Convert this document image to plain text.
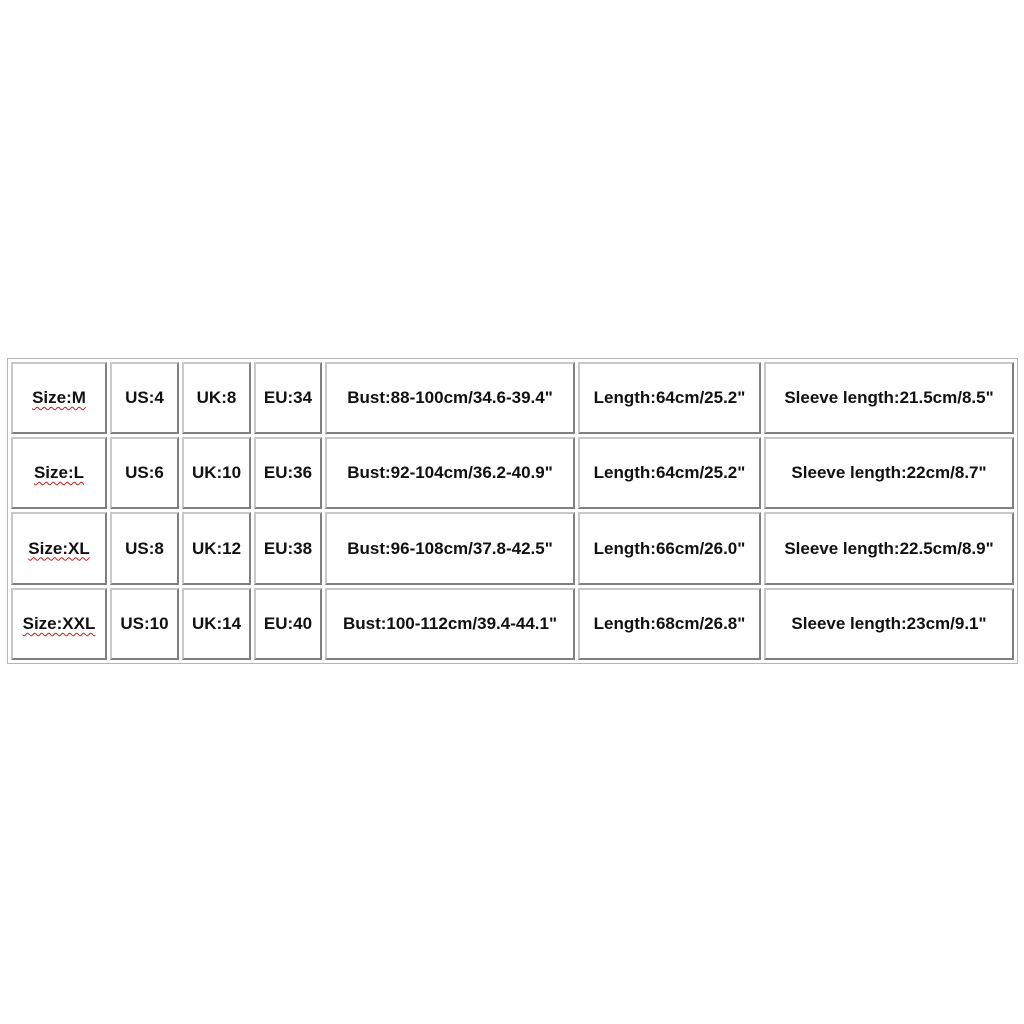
Size:M US:4 UK:8 EU:34 Bust:88-100cm/34.6-39.4" Length:64cm/25.2" Sleeve length:21.5cm/8.5"
Size:L US:6 UK:10 EU:36 Bust:92-104cm/36.2-40.9" Length:64cm/25.2"	Sleeve length:22cm/8.7"
Size:XL US:8 UK:12 EU:38 Bust:96-108cm/37.8-42.5" Length:66cm/26.0" Sleeve length:22.5cm/8.9"
Size:XXL US:10 UK:14 EU:40 Bust:100-112cm/39.4-44.1" Length:68cm/26.8"	Sleeve length:23cm/9.1"
